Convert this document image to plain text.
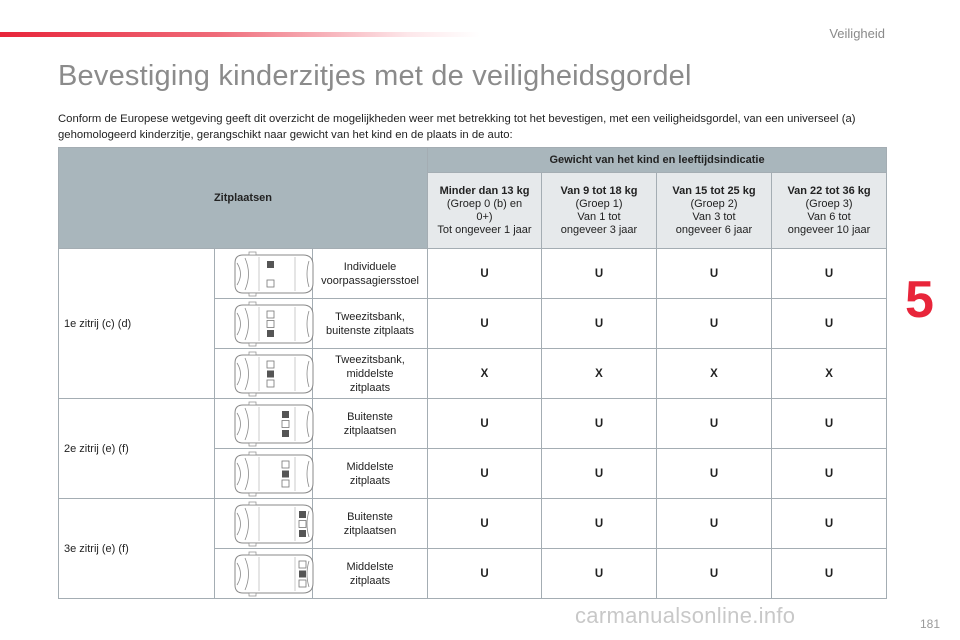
Veiligheid
Bevestiging kinderzitjes met de veiligheidsgordel
Conform de Europese wetgeving geeft dit overzicht de mogelijkheden weer met betrekking tot het bevestigen, met een veiligheidsgordel, van een universeel (a) gehomologeerd kinderzitje, gerangschikt naar gewicht van het kind en de plaats in de auto:
5
Zitplaatsen			Gewicht van het kind en leeftijdsindicatie			

			Minder dan 13 kg
(Groep 0 (b) en
0+)
Tot ongeveer 1 jaar	Van 9 tot 18 kg
(Groep 1)
Van 1 tot
ongeveer 3 jaar	Van 15 tot 25 kg
(Groep 2)
Van 3 tot
ongeveer 6 jaar	Van 22 tot 36 kg
(Groep 3)
Van 6 tot
ongeveer 10 jaar
1e zitrij (c) (d)		Individuele
voorpassagiersstoel	U	U	U	U

	Tweezitsbank,
buitenste zitplaats	U	U	U	U

	Tweezitsbank,
middelste
zitplaats	X	X	X	X
2e zitrij (e) (f)		Buitenste
zitplaatsen	U	U	U	U

	Middelste
zitplaats	U	U	U	U
3e zitrij (e) (f)		Buitenste
zitplaatsen	U	U	U	U

	Middelste
zitplaats	U	U	U	U
carmanualsonline.info	181
